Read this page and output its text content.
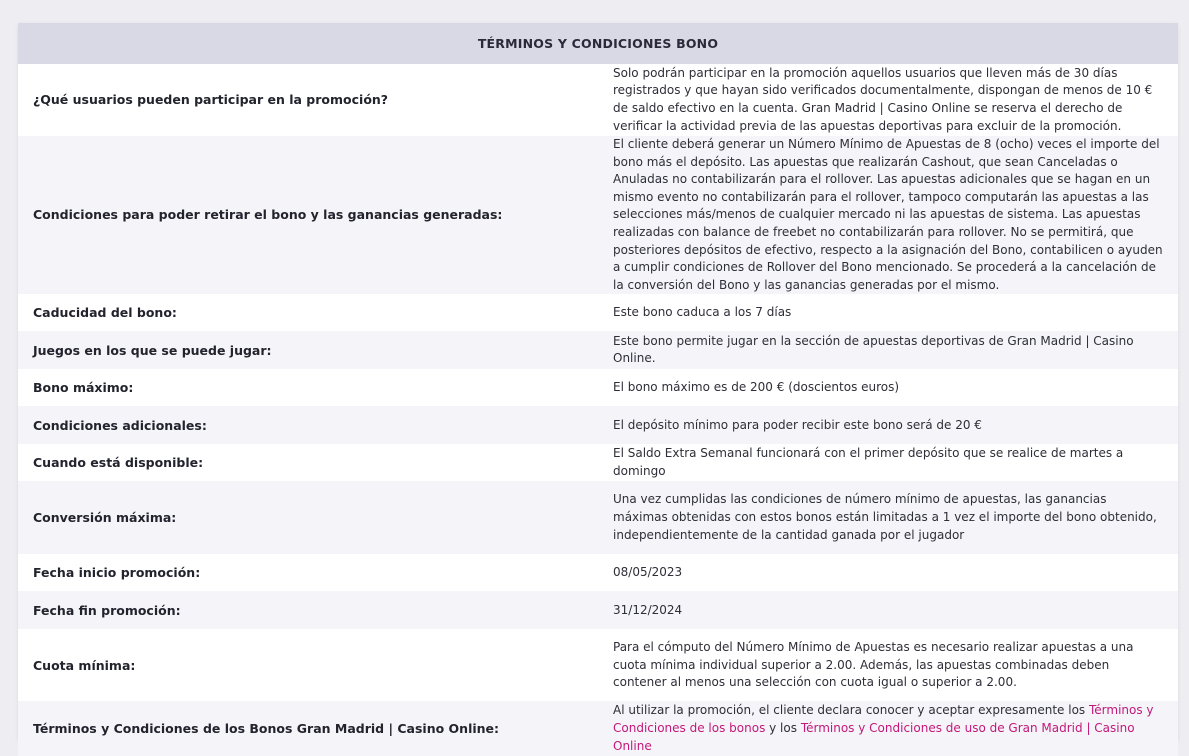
TÉRMINOS Y CONDICIONES BONO	
¿Qué usuarios pueden participar en la promoción?	Solo podrán participar en la promoción aquellos usuarios que lleven más de 30 días registrados y que hayan sido verificados documentalmente, dispongan de menos de 10 € de saldo efectivo en la cuenta. Gran Madrid | Casino Online se reserva el derecho de verificar la actividad previa de las apuestas deportivas para excluir de la promoción.
Condiciones para poder retirar el bono y las ganancias generadas:	El cliente deberá generar un Número Mínimo de Apuestas de 8 (ocho) veces el importe del bono más el depósito. Las apuestas que realizarán Cashout, que sean Canceladas o Anuladas no contabilizarán para el rollover. Las apuestas adicionales que se hagan en un mismo evento no contabilizarán para el rollover, tampoco computarán las apuestas a las selecciones más/menos de cualquier mercado ni las apuestas de sistema. Las apuestas realizadas con balance de freebet no contabilizarán para rollover. No se permitirá, que posteriores depósitos de efectivo, respecto a la asignación del Bono, contabilicen o ayuden a cumplir condiciones de Rollover del Bono mencionado. Se procederá a la cancelación de la conversión del Bono y las ganancias generadas por el mismo.
Caducidad del bono:	Este bono caduca a los 7 días
Juegos en los que se puede jugar:	Este bono permite jugar en la sección de apuestas deportivas de Gran Madrid | Casino Online.
Bono máximo:	El bono máximo es de 200 € (doscientos euros)
Condiciones adicionales:	El depósito mínimo para poder recibir este bono será de 20 €
Cuando está disponible:	El Saldo Extra Semanal funcionará con el primer depósito que se realice de martes a domingo
Conversión máxima:	Una vez cumplidas las condiciones de número mínimo de apuestas, las ganancias máximas obtenidas con estos bonos están limitadas a 1 vez el importe del bono obtenido, independientemente de la cantidad ganada por el jugador
Fecha inicio promoción:	08/05/2023
Fecha fin promoción:	31/12/2024
Cuota mínima:	Para el cómputo del Número Mínimo de Apuestas es necesario realizar apuestas a una cuota mínima individual superior a 2.00. Además, las apuestas combinadas deben contener al menos una selección con cuota igual o superior a 2.00.
Términos y Condiciones de los Bonos Gran Madrid | Casino Online:	Al utilizar la promoción, el cliente declara conocer y aceptar expresamente los Términos y Condiciones de los bonos y los Términos y Condiciones de uso de Gran Madrid | Casino Online
